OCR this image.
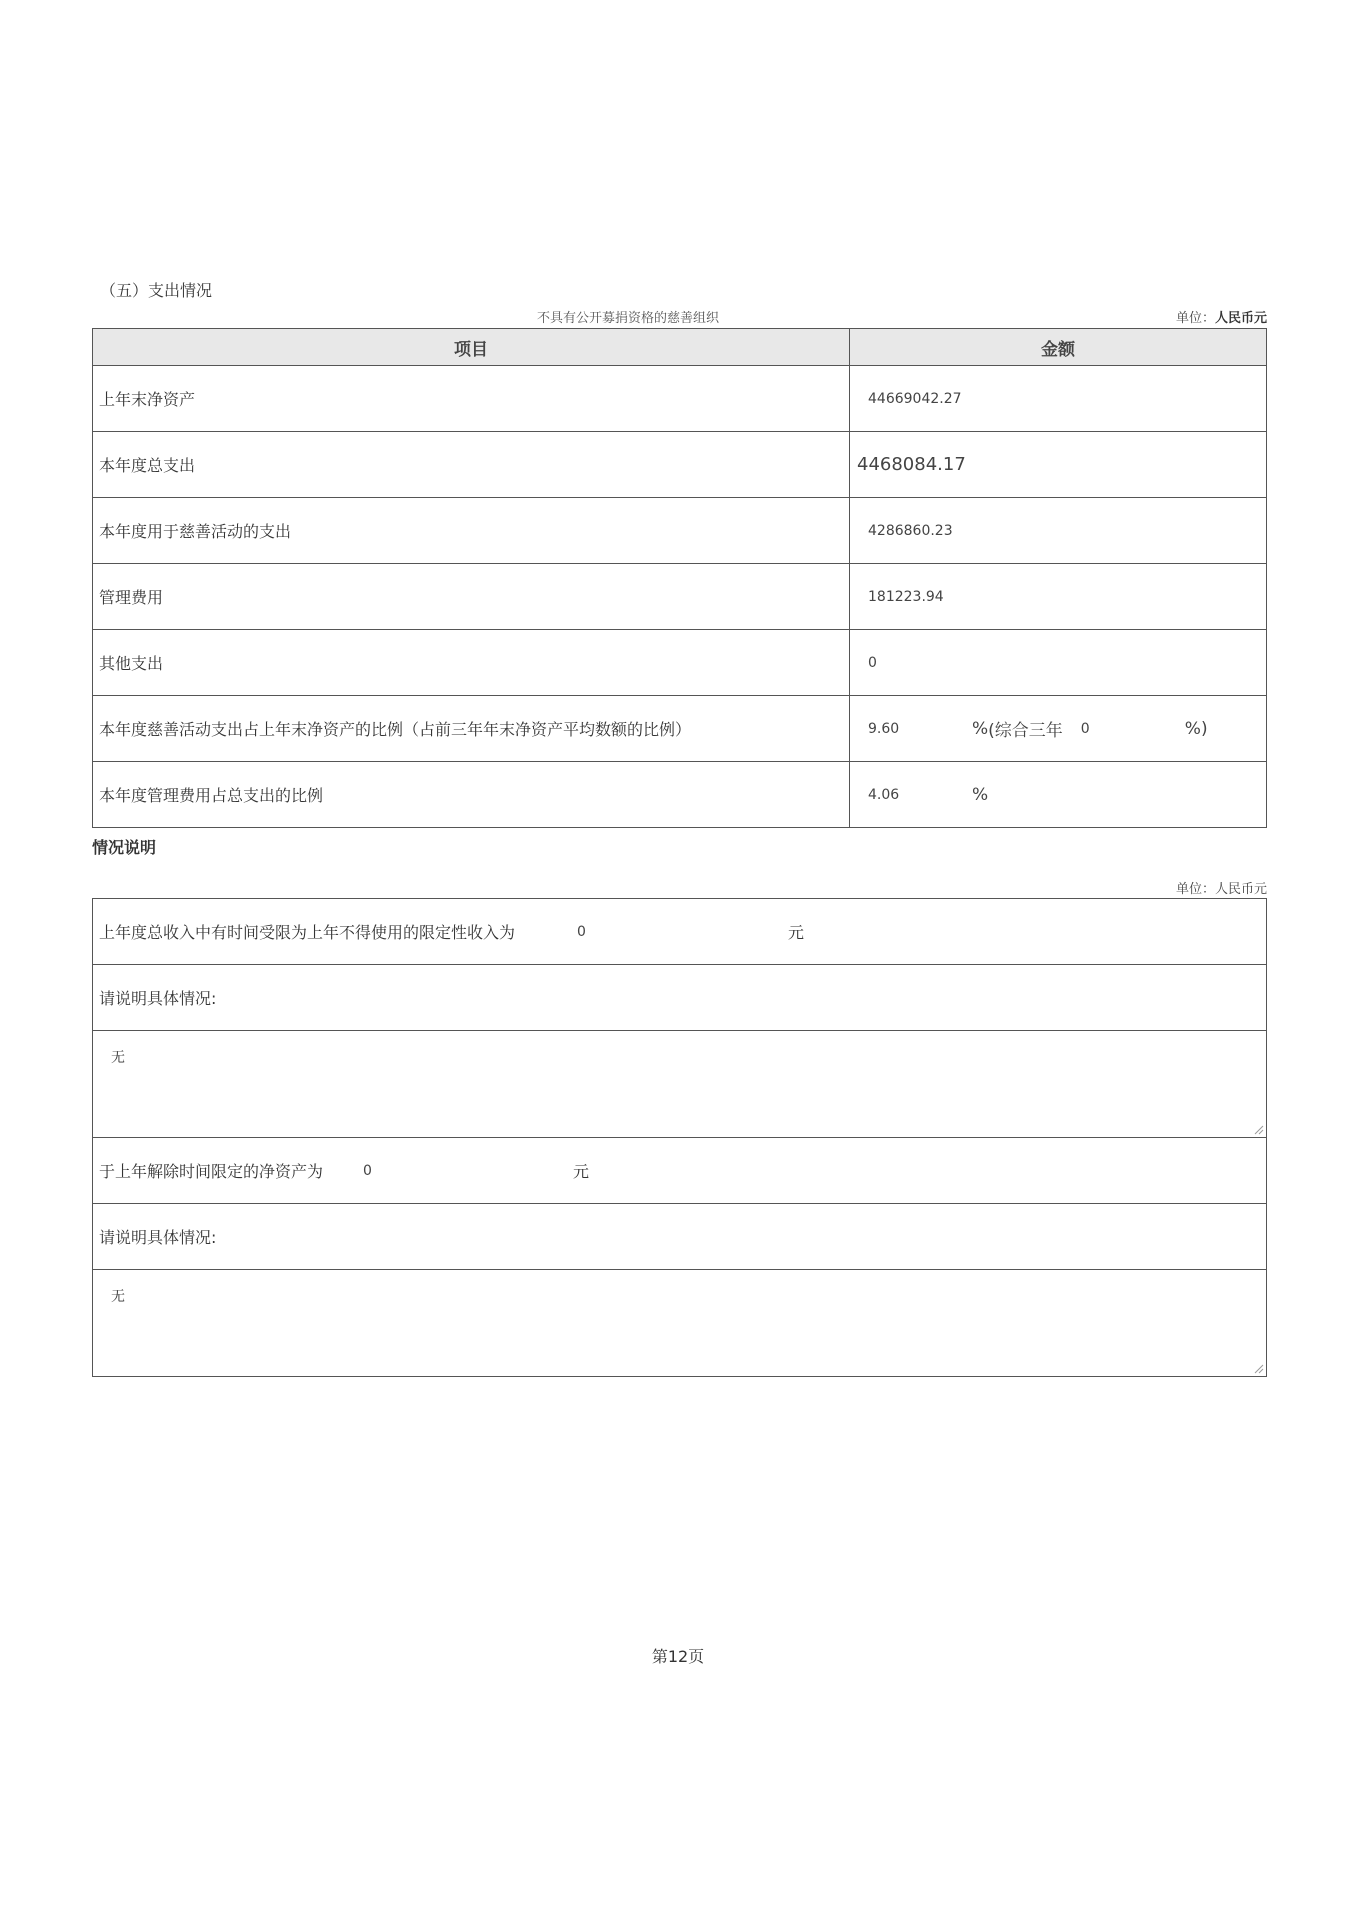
（五）支出情况
不具有公开募捐资格的慈善组织	单位：人民币元
项目	金额
上年末净资产	44669042.27
本年度总支出	4468084.17
本年度用于慈善活动的支出	4286860.23
管理费用	181223.94
其他支出	0
本年度慈善活动支出占上年末净资产的比例（占前三年年末净资产平均数额的比例）	9.60 % (综合三年 0 %)

本年度管理费用占总支出的比例	4.06 %
情况说明
单位：人民币元
上年度总收入中有时间受限为上年不得使用的限定性收入为	0	元
请说明具体情况:
无
于上年解除时间限定的净资产为	0	元
请说明具体情况:
无
第12页
